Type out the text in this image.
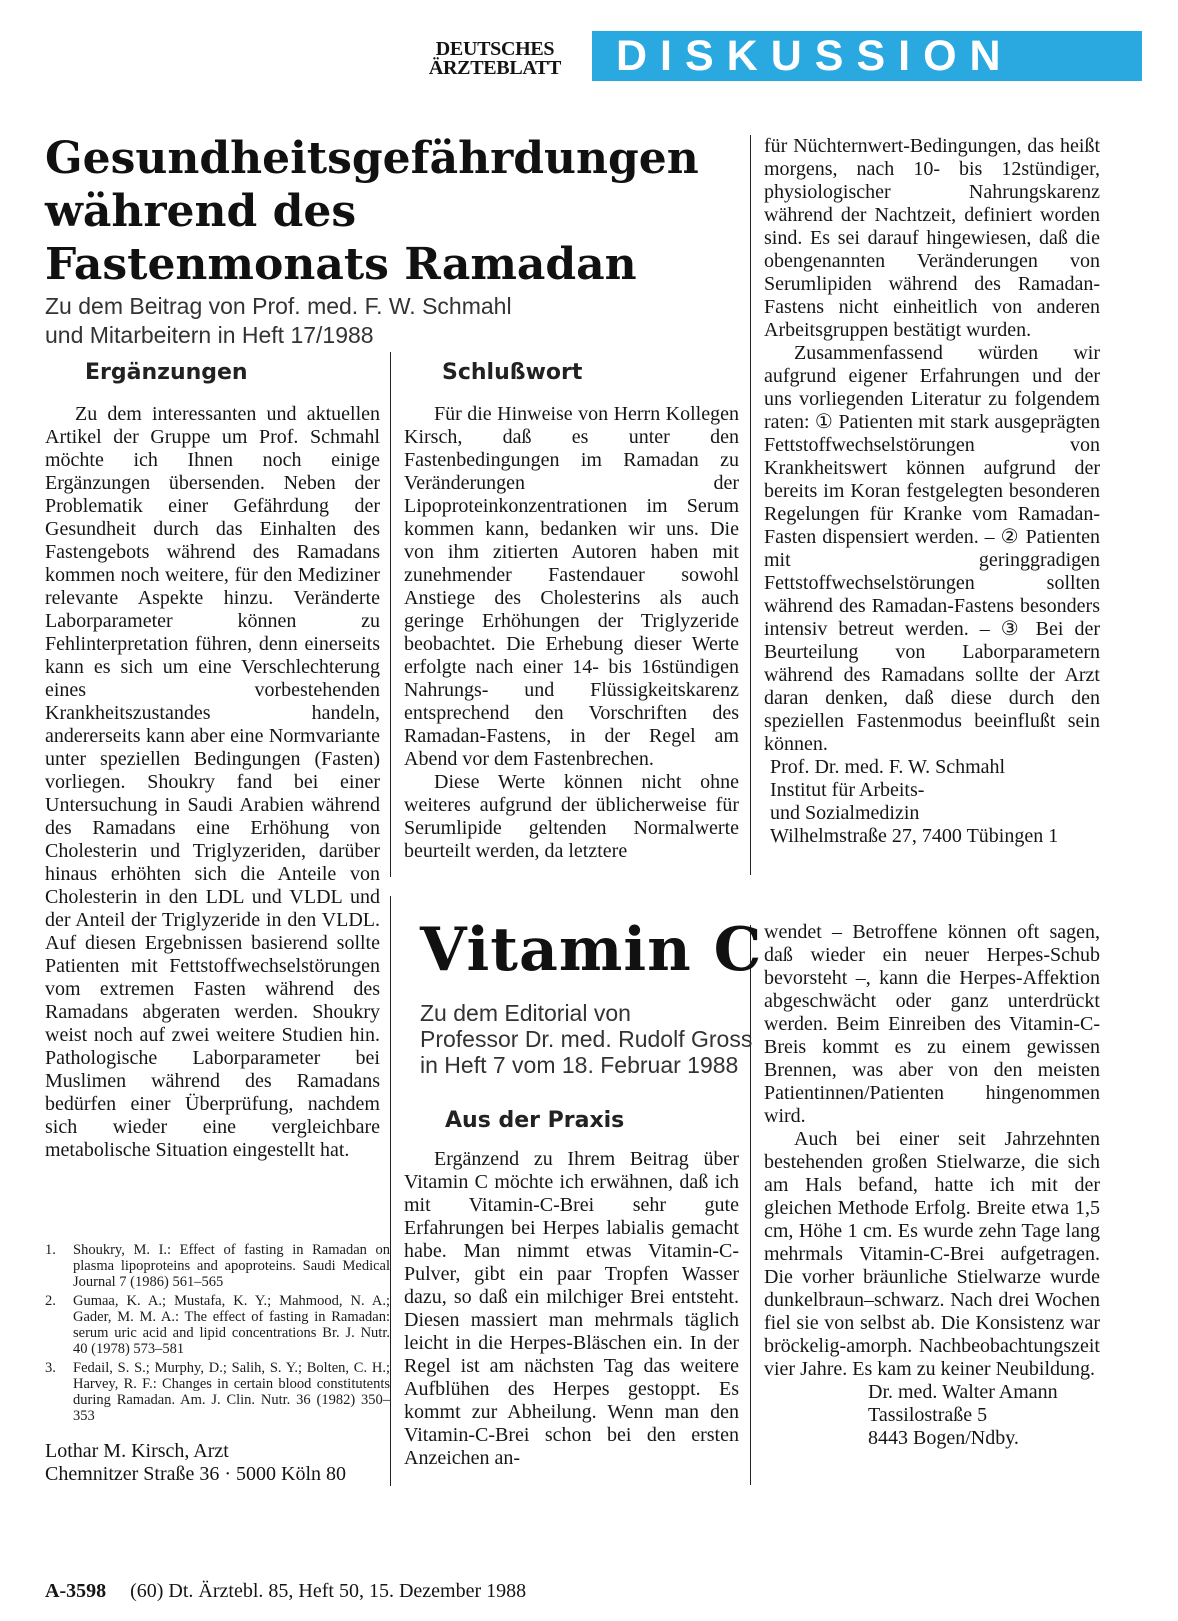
DEUTSCHES
ÄRZTEBLATT	DISKUSSION
Gesundheitsgefährdungen
während des
Fastenmonats Ramadan
Zu dem Beitrag von Prof. med. F. W. Schmahl
und Mitarbeitern in Heft 17/1988
Ergänzungen

Zu dem interessanten und aktuellen Artikel der Gruppe um Prof. Schmahl möchte ich Ihnen noch einige Ergänzungen übersenden. Neben der Problematik einer Gefährdung der Gesundheit durch das Einhalten des Fastengebots während des Ramadans kommen noch weitere, für den Mediziner relevante Aspekte hinzu. Veränderte Laborparameter können zu Fehlinterpretation führen, denn einerseits kann es sich um eine Verschlechterung eines vorbestehenden Krankheitszustandes handeln, andererseits kann aber eine Normvariante unter speziellen Bedingungen (Fasten) vorliegen. Shoukry fand bei einer Untersuchung in Saudi Arabien während des Ramadans eine Erhöhung von Cholesterin und Triglyzeriden, darüber hinaus erhöhten sich die Anteile von Cholesterin in den LDL und VLDL und der Anteil der Triglyzeride in den VLDL. Auf diesen Ergebnissen basierend sollte Patienten mit Fettstoffwechselstörungen vom extremen Fasten während des Ramadans abgeraten werden. Shoukry weist noch auf zwei weitere Studien hin. Pathologische Laborparameter bei Muslimen während des Ramadans bedürfen einer Überprüfung, nachdem sich wieder eine vergleichbare metabolische Situation eingestellt hat.

1. Shoukry, M. I.: Effect of fasting in Ramadan on plasma lipoproteins and apoproteins. Saudi Medical Journal 7 (1986) 561–565
2. Gumaa, K. A.; Mustafa, K. Y.; Mahmood, N. A.; Gader, M. M. A.: The effect of fasting in Ramadan: serum uric acid and lipid concentrations Br. J. Nutr. 40 (1978) 573–581
3. Fedail, S. S.; Murphy, D.; Salih, S. Y.; Bolten, C. H.; Harvey, R. F.: Changes in certain blood constitutents during Ramadan. Am. J. Clin. Nutr. 36 (1982) 350–353
Lothar M. Kirsch, Arzt
Chemnitzer Straße 36 · 5000 Köln 80
Schlußwort

Für die Hinweise von Herrn Kollegen Kirsch, daß es unter den Fastenbedingungen im Ramadan zu Veränderungen der Lipoproteinkonzentrationen im Serum kommen kann, bedanken wir uns. Die von ihm zitierten Autoren haben mit zunehmender Fastendauer sowohl Anstiege des Cholesterins als auch geringe Erhöhungen der Triglyzeride beobachtet. Die Erhebung dieser Werte erfolgte nach einer 14- bis 16stündigen Nahrungs- und Flüssigkeitskarenz entsprechend den Vorschriften des Ramadan-Fastens, in der Regel am Abend vor dem Fastenbrechen.

Diese Werte können nicht ohne weiteres aufgrund der üblicherweise für Serumlipide geltenden Normalwerte beurteilt werden, da letztere

für Nüchternwert-Bedingungen, das heißt morgens, nach 10- bis 12stündiger, physiologischer Nahrungskarenz während der Nachtzeit, definiert worden sind. Es sei darauf hingewiesen, daß die obengenannten Veränderungen von Serumlipiden während des Ramadan-Fastens nicht einheitlich von anderen Arbeitsgruppen bestätigt wurden.

Zusammenfassend würden wir aufgrund eigener Erfahrungen und der uns vorliegenden Literatur zu folgendem raten: ① Patienten mit stark ausgeprägten Fettstoffwechselstörungen von Krankheitswert können aufgrund der bereits im Koran festgelegten besonderen Regelungen für Kranke vom Ramadan-Fasten dispensiert werden. – ② Patienten mit geringgradigen Fettstoffwechselstörungen sollten während des Ramadan-Fastens besonders intensiv betreut werden. – ③ Bei der Beurteilung von Laborparametern während des Ramadans sollte der Arzt daran denken, daß diese durch den speziellen Fastenmodus beeinflußt sein können.

Prof. Dr. med. F. W. Schmahl
Institut für Arbeits-
und Sozialmedizin
Wilhelmstraße 27, 7400 Tübingen 1
Vitamin C
Zu dem Editorial von
Professor Dr. med. Rudolf Gross
in Heft 7 vom 18. Februar 1988
Aus der Praxis

Ergänzend zu Ihrem Beitrag über Vitamin C möchte ich erwähnen, daß ich mit Vitamin-C-Brei sehr gute Erfahrungen bei Herpes labialis gemacht habe. Man nimmt etwas Vitamin-C-Pulver, gibt ein paar Tropfen Wasser dazu, so daß ein milchiger Brei entsteht. Diesen massiert man mehrmals täglich leicht in die Herpes-Bläschen ein. In der Regel ist am nächsten Tag das weitere Aufblühen des Herpes gestoppt. Es kommt zur Abheilung. Wenn man den Vitamin-C-Brei schon bei den ersten Anzeichen an-

wendet – Betroffene können oft sagen, daß wieder ein neuer Herpes-Schub bevorsteht –, kann die Herpes-Affektion abgeschwächt oder ganz unterdrückt werden. Beim Einreiben des Vitamin-C-Breis kommt es zu einem gewissen Brennen, was aber von den meisten Patientinnen/Patienten hingenommen wird.

Auch bei einer seit Jahrzehnten bestehenden großen Stielwarze, die sich am Hals befand, hatte ich mit der gleichen Methode Erfolg. Breite etwa 1,5 cm, Höhe 1 cm. Es wurde zehn Tage lang mehrmals Vitamin-C-Brei aufgetragen. Die vorher bräunliche Stielwarze wurde dunkelbraun–schwarz. Nach drei Wochen fiel sie von selbst ab. Die Konsistenz war bröckelig-amorph. Nachbeobachtungszeit vier Jahre. Es kam zu keiner Neubildung.

Dr. med. Walter Amann
Tassilostraße 5
8443 Bogen/Ndby.
A-3598 (60) Dt. Ärztebl. 85, Heft 50, 15. Dezember 1988
